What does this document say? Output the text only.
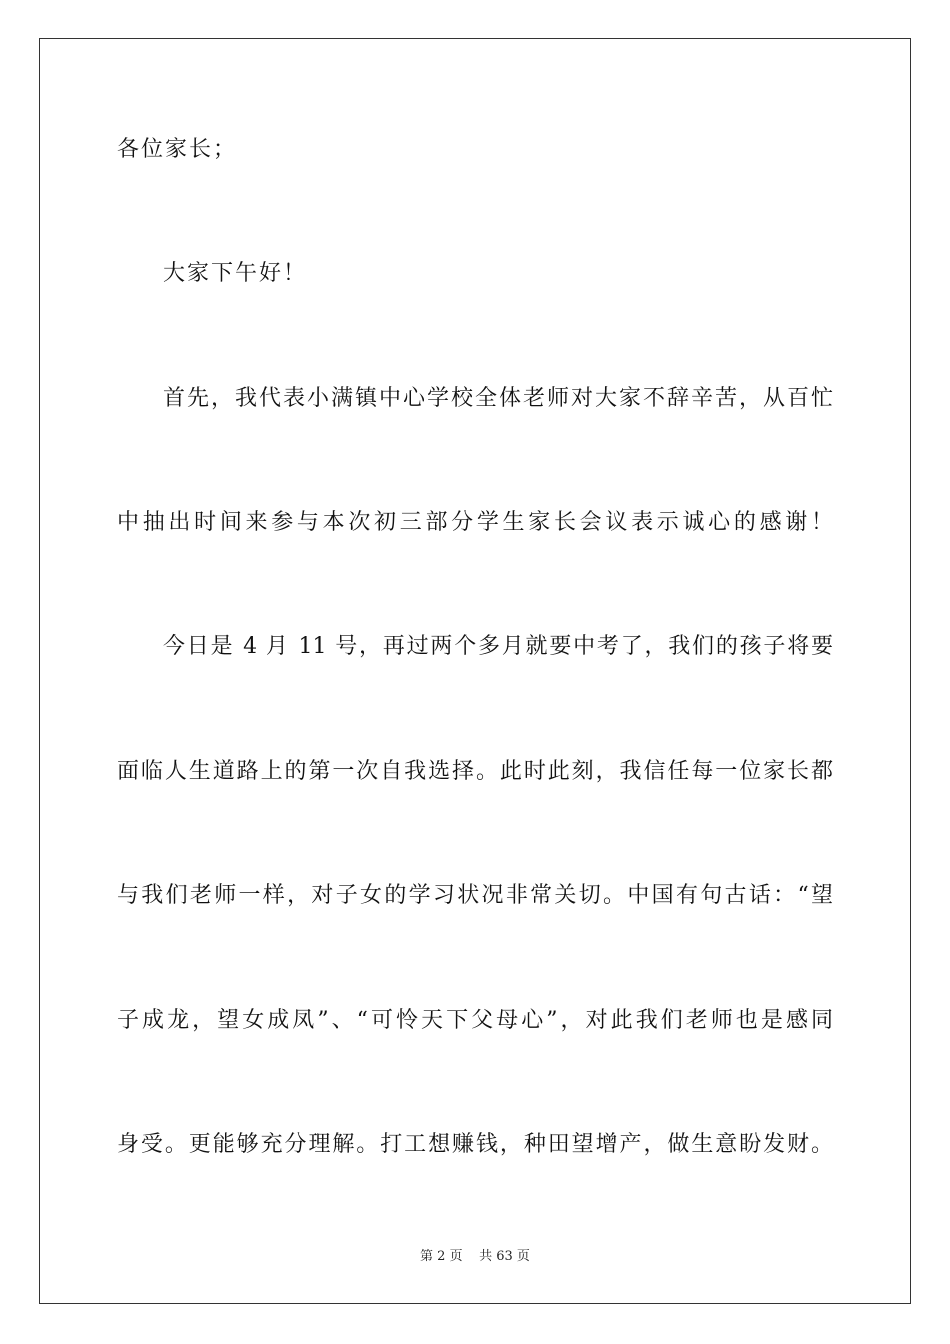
各位家长；
大家下午好！
首先，我代表小满镇中心学校全体老师对大家不辞辛苦，从百忙
中抽出时间来参与本次初三部分学生家长会议表示诚心的感谢！
今日是 4 月 11 号，再过两个多月就要中考了，我们的孩子将要
面临人生道路上的第一次自我选择。此时此刻，我信任每一位家长都
与我们老师一样，对子女的学习状况非常关切。中国有句古话：“望
子成龙，望女成凤”、“可怜天下父母心”，对此我们老师也是感同
身受。更能够充分理解。打工想赚钱，种田望增产，做生意盼发财。
第 2 页 共 63 页
